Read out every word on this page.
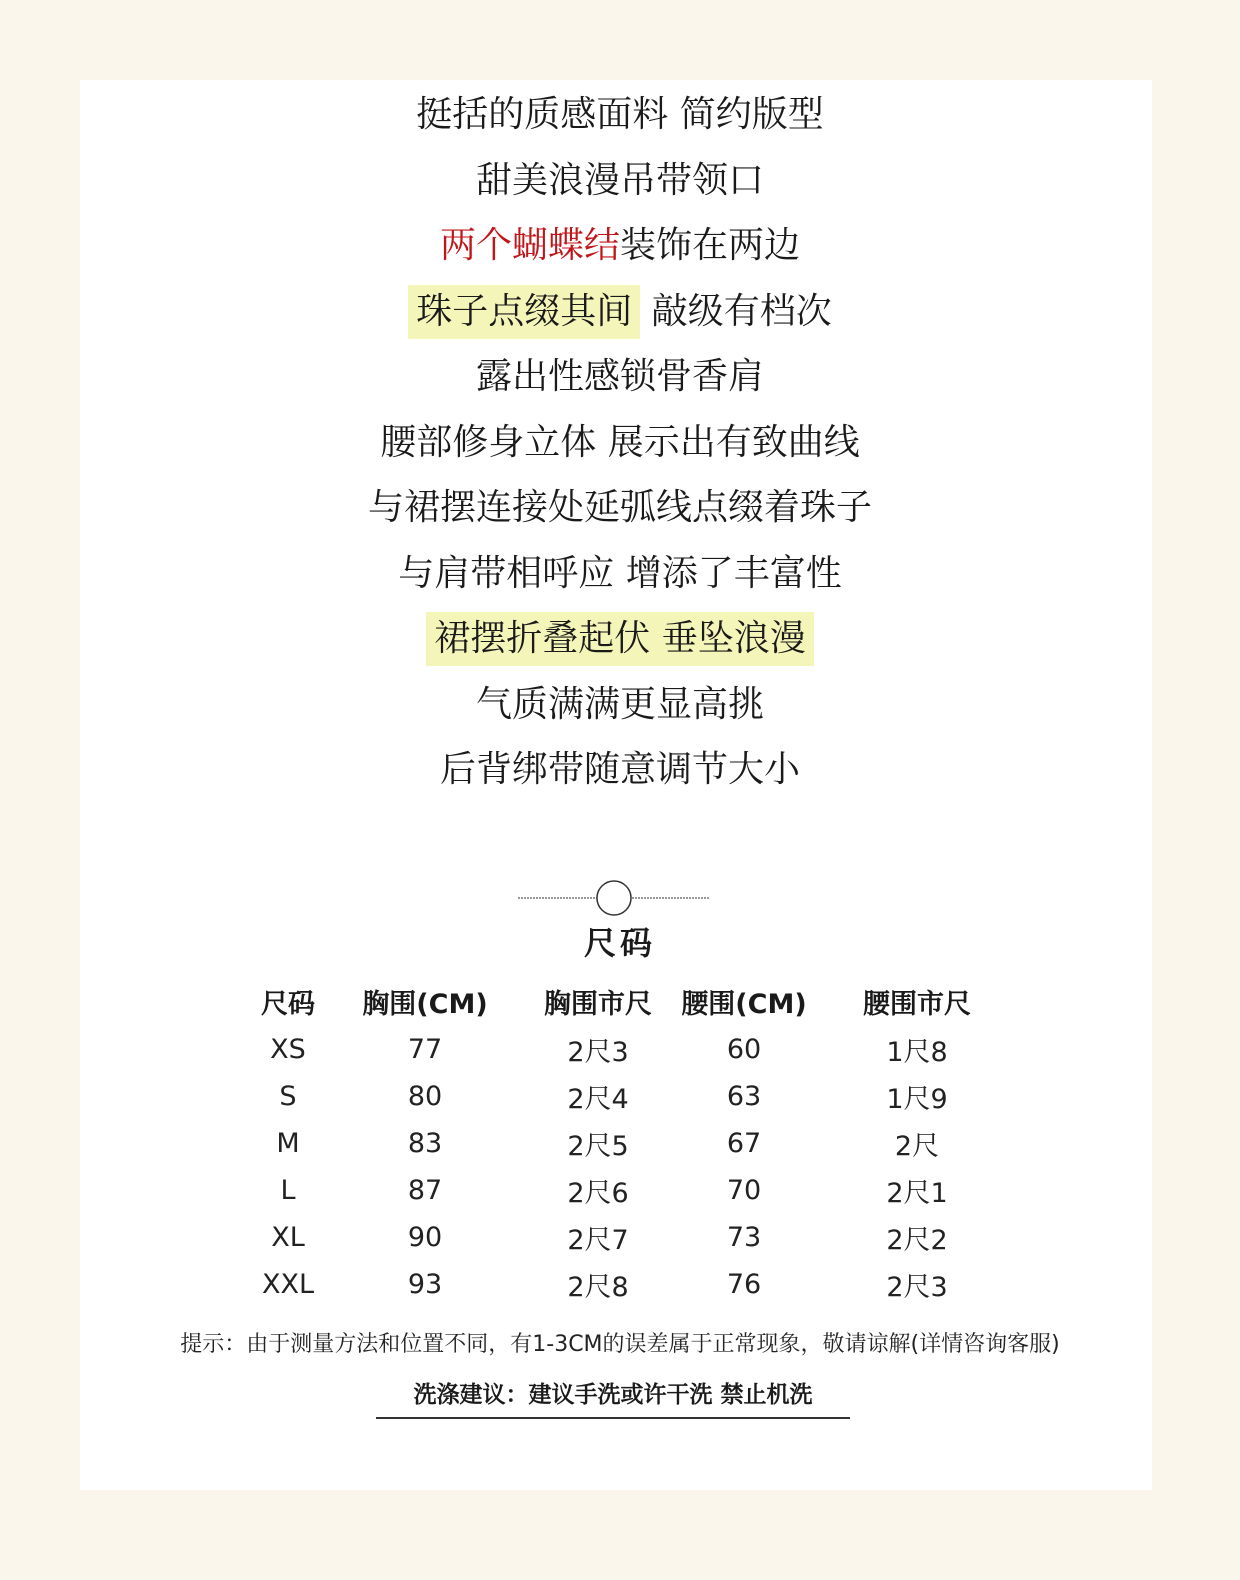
挺括的质感面料 简约版型
甜美浪漫吊带领口
两个蝴蝶结装饰在两边
珠子点缀其间 敲级有档次
露出性感锁骨香肩
腰部修身立体 展示出有致曲线
与裙摆连接处延弧线点缀着珠子
与肩带相呼应 增添了丰富性
裙摆折叠起伏 垂坠浪漫
气质满满更显高挑
后背绑带随意调节大小
尺码
尺码	胸围(CM)	胸围市尺	腰围(CM)	腰围市尺
XS	77	2尺3	60	1尺8
S	80	2尺4	63	1尺9
M	83	2尺5	67	2尺
L	87	2尺6	70	2尺1
XL	90	2尺7	73	2尺2
XXL	93	2尺8	76	2尺3
提示：由于测量方法和位置不同，有1-3CM的误差属于正常现象，敬请谅解(详情咨询客服)
洗涤建议：建议手洗或许干洗 禁止机洗
